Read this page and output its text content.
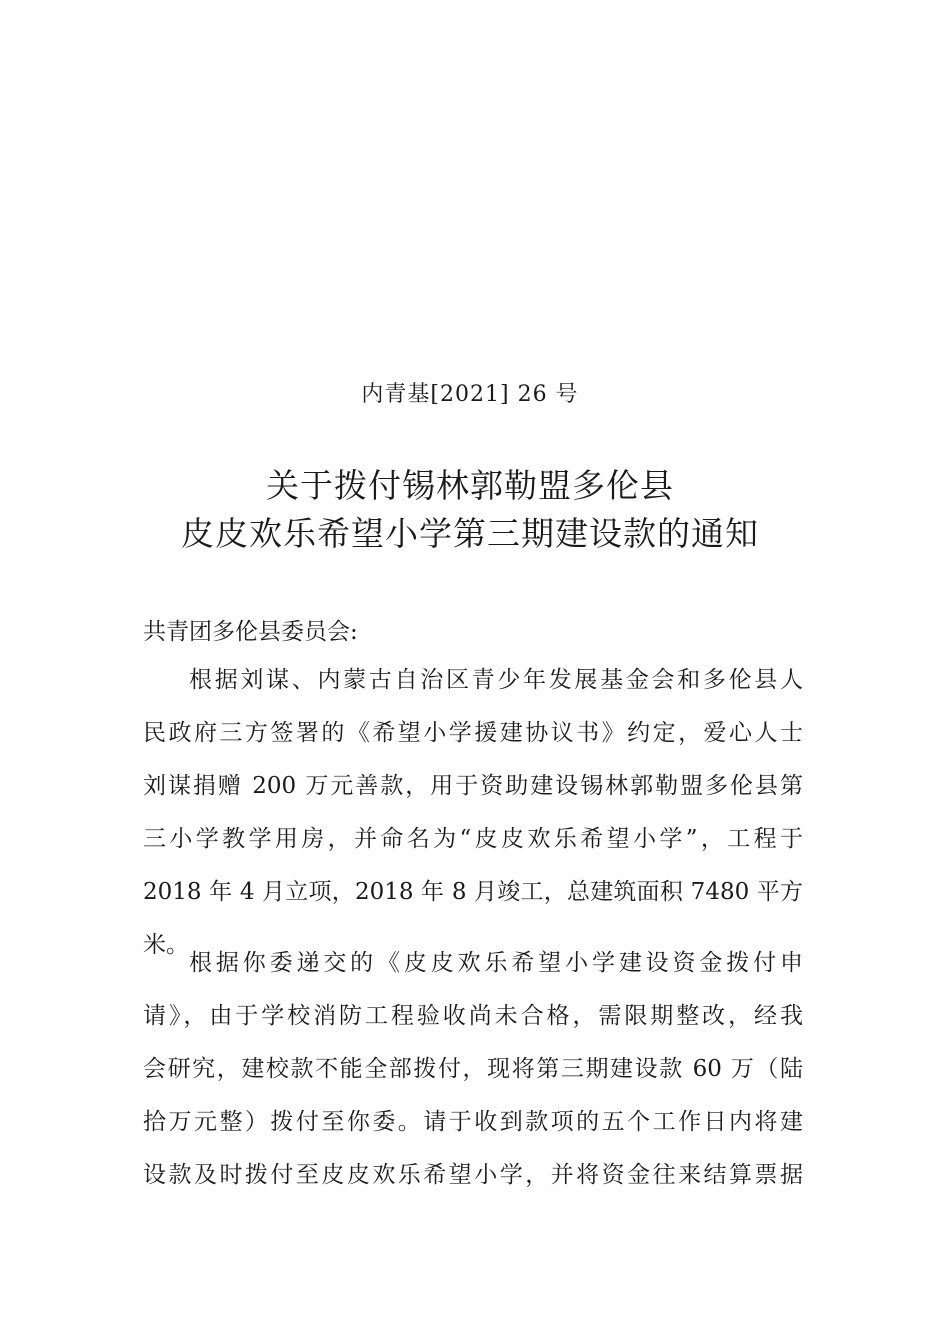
内青基[2021] 26 号
关于拨付锡林郭勒盟多伦县
皮皮欢乐希望小学第三期建设款的通知
共青团多伦县委员会:
根据刘谋、内蒙古自治区青少年发展基金会和多伦县人
民政府三方签署的《希望小学援建协议书》约定，爱心人士
刘谋捐赠 200 万元善款，用于资助建设锡林郭勒盟多伦县第
三小学教学用房，并命名为“皮皮欢乐希望小学”，工程于
2018 年 4 月立项，2018 年 8 月竣工，总建筑面积 7480 平方
米。
根据你委递交的《皮皮欢乐希望小学建设资金拨付申
请》，由于学校消防工程验收尚未合格，需限期整改，经我
会研究，建校款不能全部拨付，现将第三期建设款 60 万（陆
拾万元整）拨付至你委。请于收到款项的五个工作日内将建
设款及时拨付至皮皮欢乐希望小学，并将资金往来结算票据
